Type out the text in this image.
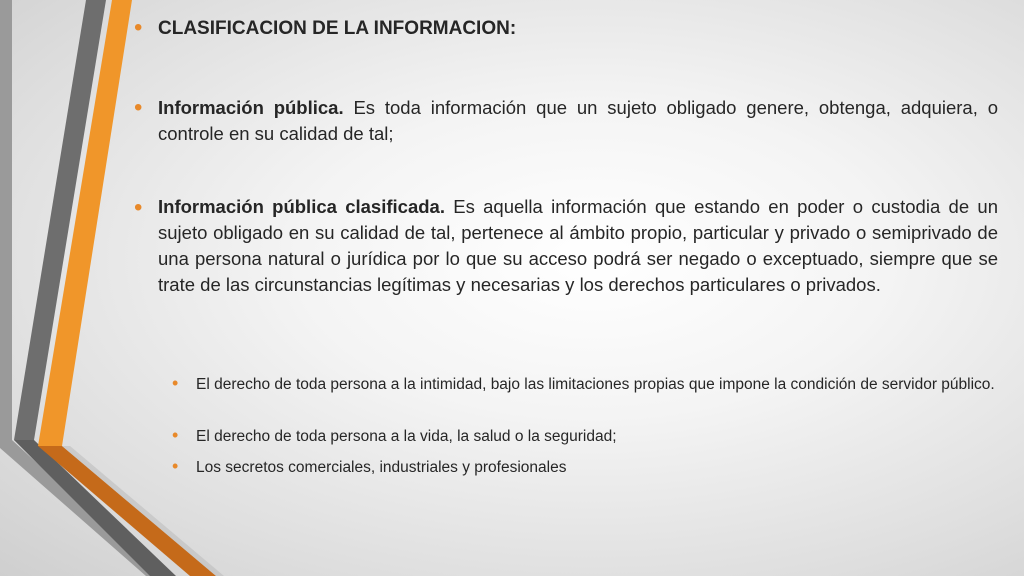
• CLASIFICACION DE LA INFORMACION:

• Información pública. Es toda información que un sujeto obligado genere, obtenga, adquiera, o controle en su calidad de tal;

• Información pública clasificada. Es aquella información que estando en poder o custodia de un sujeto obligado en su calidad de tal, pertenece al ámbito propio, particular y privado o semiprivado de una persona natural o jurídica por lo que su acceso podrá ser negado o exceptuado, siempre que se trate de las circunstancias legítimas y necesarias y los derechos particulares o privados.

• El derecho de toda persona a la intimidad, bajo las limitaciones propias que impone la condición de servidor público.

• El derecho de toda persona a la vida, la salud o la seguridad;

• Los secretos comerciales, industriales y profesionales
